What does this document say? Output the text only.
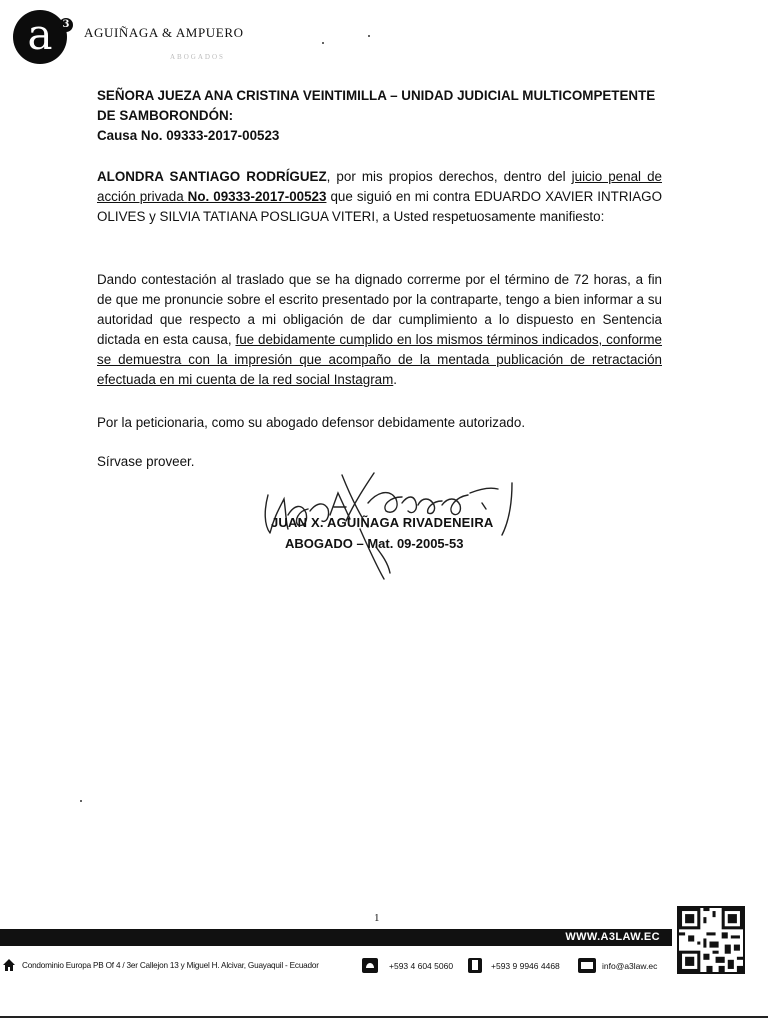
a	3
AGUIÑAGA & AMPUERO
ABOGADOS
SEÑORA JUEZA ANA CRISTINA VEINTIMILLA – UNIDAD JUDICIAL MULTICOMPETENTE
DE SAMBORONDÓN:
Causa No. 09333-2017-00523
ALONDRA SANTIAGO RODRÍGUEZ, por mis propios derechos, dentro del juicio penal de acción privada No. 09333-2017-00523 que siguió en mi contra EDUARDO XAVIER INTRIAGO OLIVES y SILVIA TATIANA POSLIGUA VITERI, a Usted respetuosamente manifiesto:
Dando contestación al traslado que se ha dignado correrme por el término de 72 horas, a fin de que me pronuncie sobre el escrito presentado por la contraparte, tengo a bien informar a su autoridad que respecto a mi obligación de dar cumplimiento a lo dispuesto en Sentencia dictada en esta causa, fue debidamente cumplido en los mismos términos indicados, conforme se demuestra con la impresión que acompaño de la mentada publicación de retractación efectuada en mi cuenta de la red social Instagram.
Por la peticionaria, como su abogado defensor debidamente autorizado.
Sírvase proveer.
JUAN X. AGUIÑAGA RIVADENEIRA
ABOGADO – Mat. 09-2005-53
1
WWW.A3LAW.EC
Condominio Europa PB Of 4 / 3er Callejon 13 y Miguel H. Alcivar, Guayaquil - Ecuador	+593 4 604 5060	+593 9 9946 4468	info@a3law.ec
